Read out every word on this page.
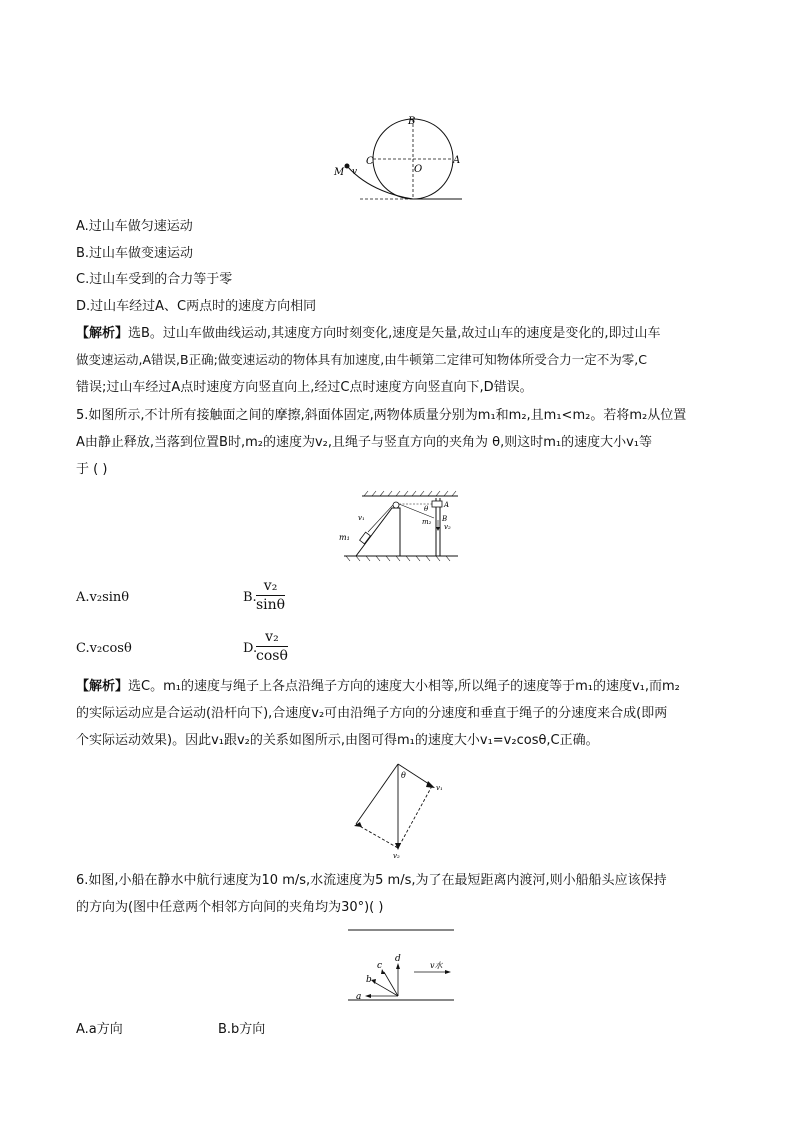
B
C	A
O
M v
A.过山车做匀速运动
B.过山车做变速运动
C.过山车受到的合力等于零
D.过山车经过A、C两点时的速度方向相同
【解析】选B。过山车做曲线运动,其速度方向时刻变化,速度是矢量,故过山车的速度是变化的,即过山车
做变速运动,A错误,B正确;做变速运动的物体具有加速度,由牛顿第二定律可知物体所受合力一定不为零,C
错误;过山车经过A点时速度方向竖直向上,经过C点时速度方向竖直向下,D错误。
5.如图所示,不计所有接触面之间的摩擦,斜面体固定,两物体质量分别为m₁和m₂,且m₁<m₂。若将m₂从位置
A由静止释放,当落到位置B时,m₂的速度为v₂,且绳子与竖直方向的夹角为 θ,则这时m₁的速度大小v₁等
于 ( )
m₁
v₁	m₂
A
B
v₂
θ
A.v₂sinθ	B. $\frac{\text{v₂}}{\sin\theta}$
C.v₂cosθ	D.
$\frac{\text{v₂}}{\cos\theta}$
【解析】选C。m₁的速度与绳子上各点沿绳子方向的速度大小相等,所以绳子的速度等于m₁的速度v₁,而m₂
的实际运动应是合运动(沿杆向下),合速度v₂可由沿绳子方向的分速度和垂直于绳子的分速度来合成(即两
个实际运动效果)。因此v₁跟v₂的关系如图所示,由图可得m₁的速度大小v₁=v₂cosθ,C正确。
θ
v₁
v₂
6.如图,小船在静水中航行速度为10 m/s,水流速度为5 m/s,为了在最短距离内渡河,则小船船头应该保持
的方向为(图中任意两个相邻方向间的夹角均为30°)( )
a
b
c
d
v水
A.a方向	B.b方向
